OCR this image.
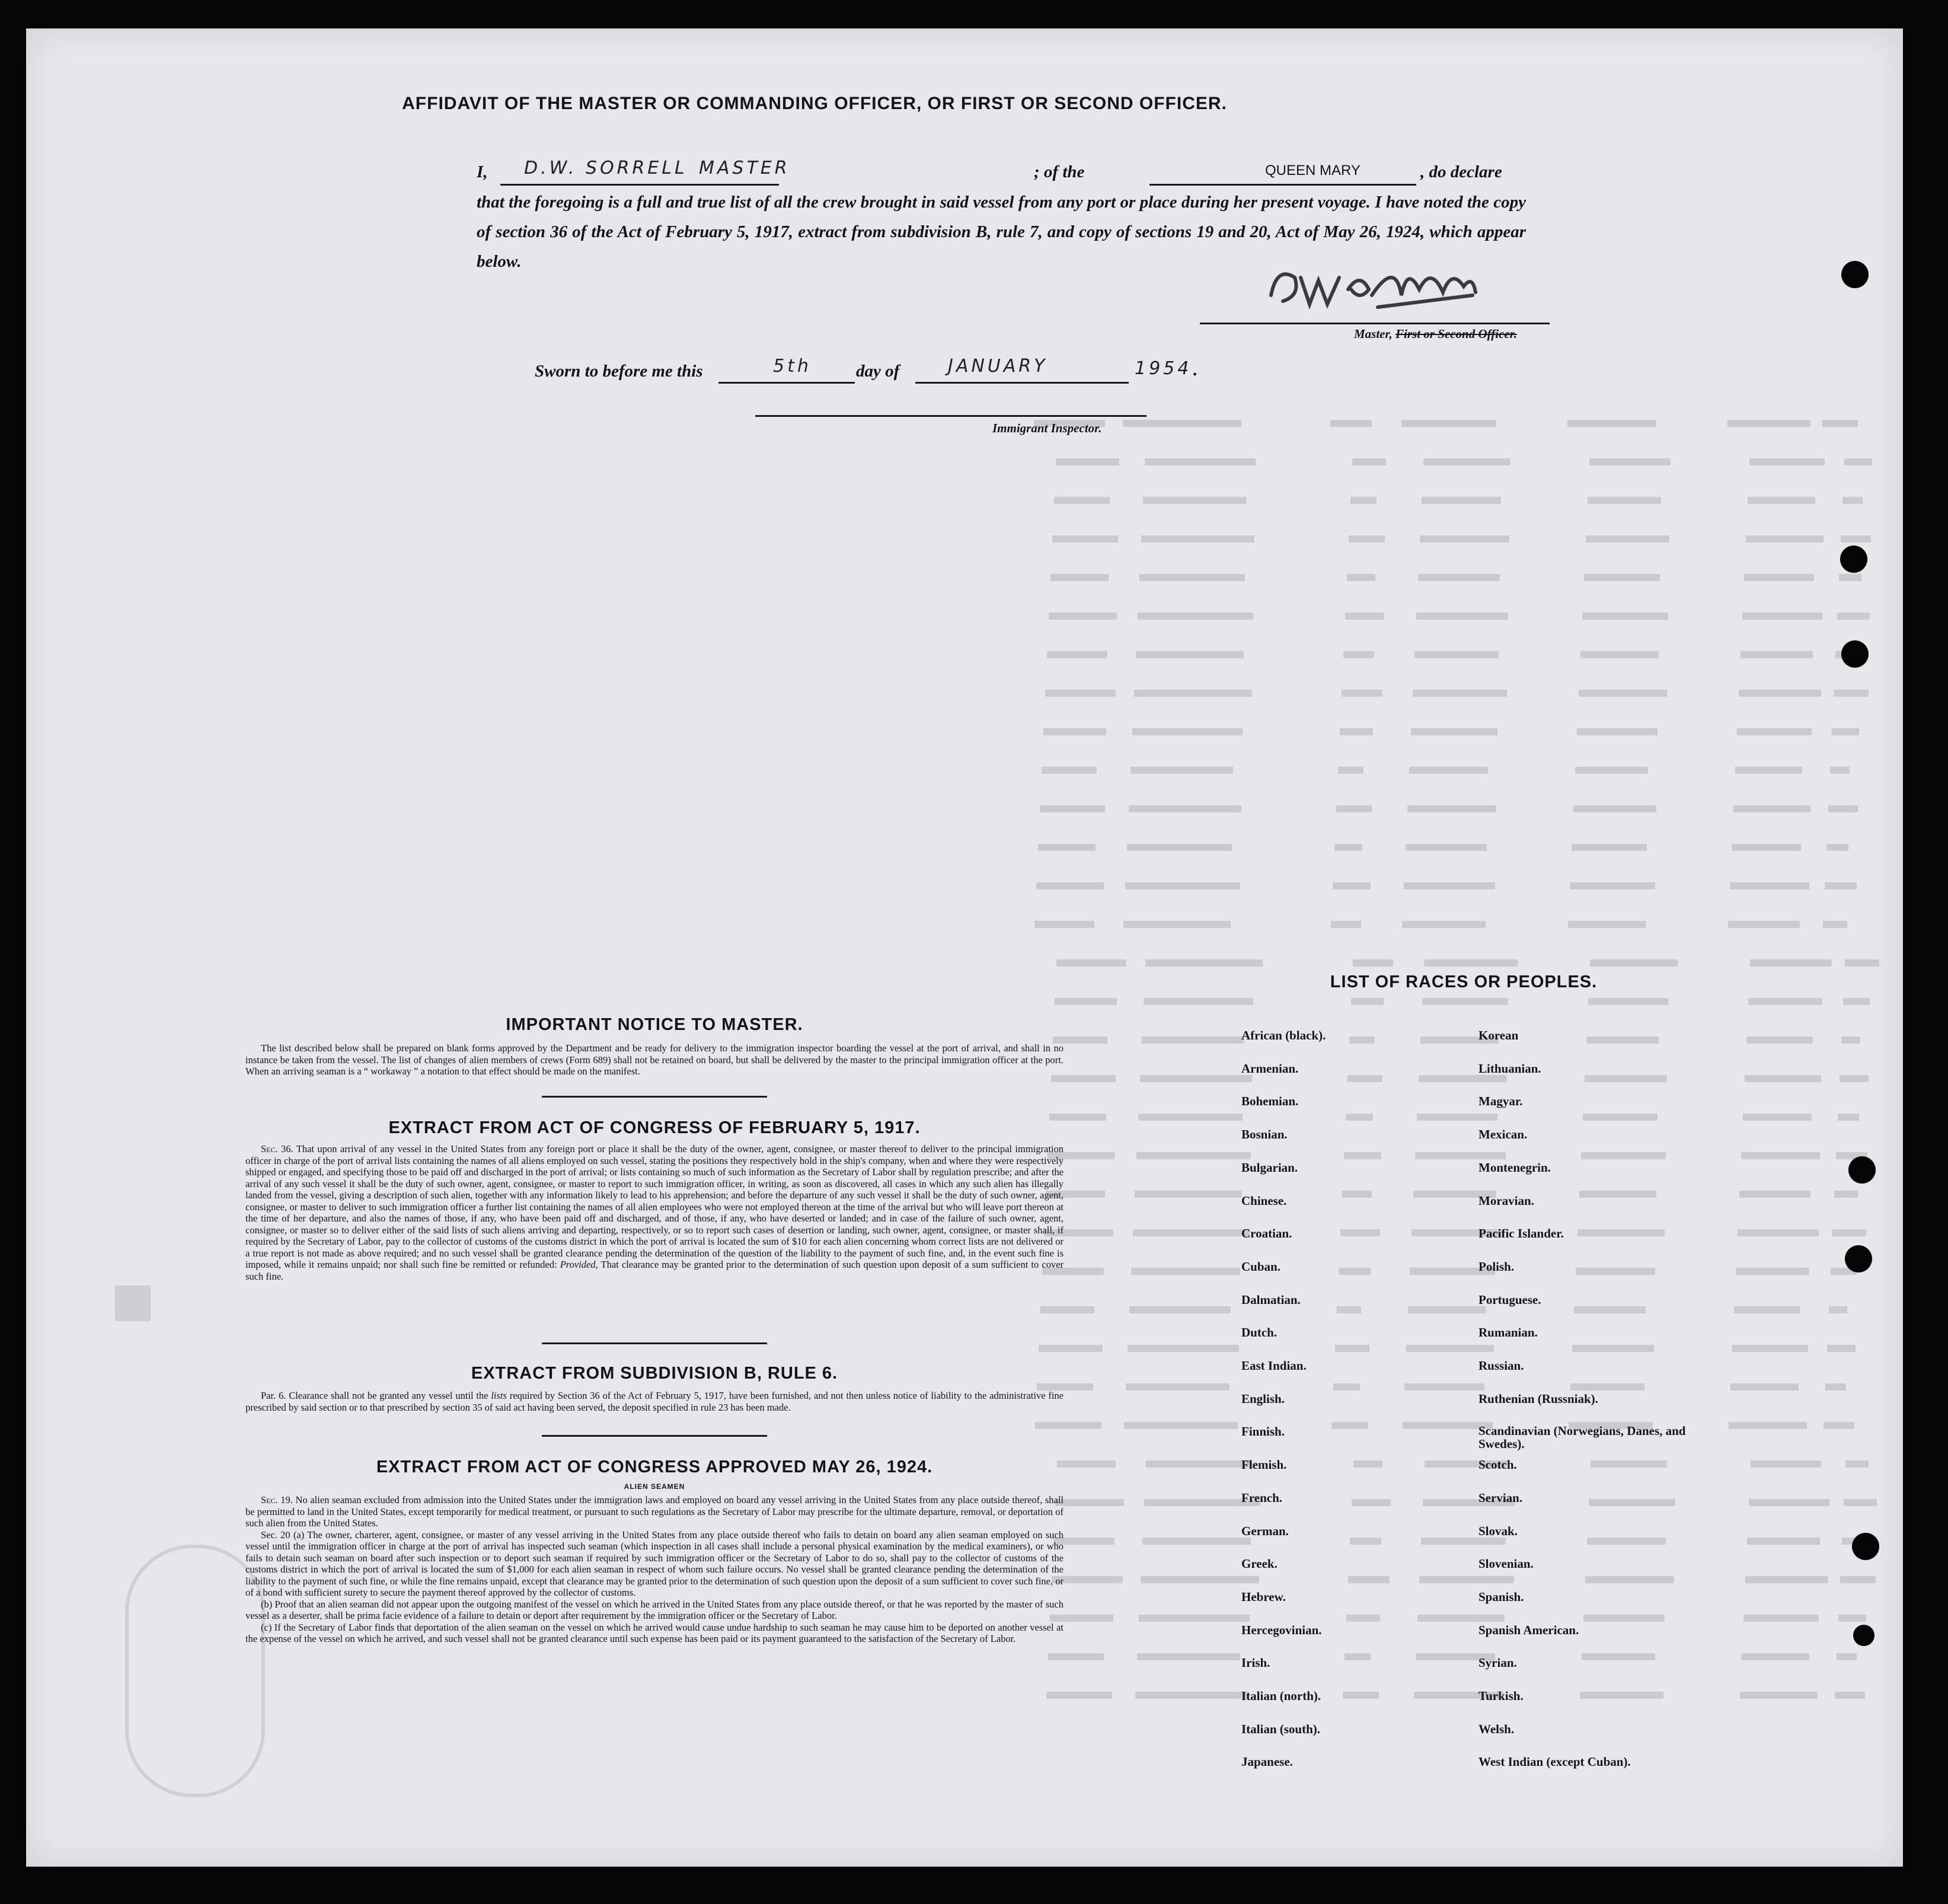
AFFIDAVIT OF THE MASTER OR COMMANDING OFFICER, OR FIRST OR SECOND OFFICER.
I, D.W. SORRELL MASTER	; of the	QUEEN MARY	, do declare

that the foregoing is a full and true list of all the crew brought in said vessel from any port or place during her present voyage. I have noted the copy of section 36 of the Act of February 5, 1917, extract from subdivision B, rule 7, and copy of sections 19 and 20, Act of May 26, 1924, which appear below.

Master, First or Second Officer.
Sworn to before me this	5th	day of	JANUARY	1954 .
Immigrant Inspector.
IMPORTANT NOTICE TO MASTER.

The list described below shall be prepared on blank forms approved by the Department and be ready for delivery to the immigration inspector boarding the vessel at the port of arrival, and shall in no instance be taken from the vessel. The list of changes of alien members of crews (Form 689) shall not be retained on board, but shall be delivered by the master to the principal immigration officer at the port. When an arriving seaman is a “ workaway ” a notation to that effect should be made on the manifest.

EXTRACT FROM ACT OF CONGRESS OF FEBRUARY 5, 1917.

Sec. 36. That upon arrival of any vessel in the United States from any foreign port or place it shall be the duty of the owner, agent, consignee, or master thereof to deliver to the principal immigration officer in charge of the port of arrival lists containing the names of all aliens employed on such vessel, stating the positions they respectively hold in the ship's company, when and where they were respectively shipped or engaged, and specifying those to be paid off and discharged in the port of arrival; or lists containing so much of such information as the Secretary of Labor shall by regulation prescribe; and after the arrival of any such vessel it shall be the duty of such owner, agent, consignee, or master to report to such immigration officer, in writing, as soon as discovered, all cases in which any such alien has illegally landed from the vessel, giving a description of such alien, together with any information likely to lead to his apprehension; and before the departure of any such vessel it shall be the duty of such owner, agent, consignee, or master to deliver to such immigration officer a further list containing the names of all alien employees who were not employed thereon at the time of the arrival but who will leave port thereon at the time of her departure, and also the names of those, if any, who have been paid off and discharged, and of those, if any, who have deserted or landed; and in case of the failure of such owner, agent, consignee, or master so to deliver either of the said lists of such aliens arriving and departing, respectively, or so to report such cases of desertion or landing, such owner, agent, consignee, or master shall, if required by the Secretary of Labor, pay to the collector of customs of the customs district in which the port of arrival is located the sum of $10 for each alien concerning whom correct lists are not delivered or a true report is not made as above required; and no such vessel shall be granted clearance pending the determination of the question of the liability to the payment of such fine, and, in the event such fine is imposed, while it remains unpaid; nor shall such fine be remitted or refunded: Provided, That clearance may be granted prior to the determination of such question upon deposit of a sum sufficient to cover such fine.

EXTRACT FROM SUBDIVISION B, RULE 6.

Par. 6. Clearance shall not be granted any vessel until the lists required by Section 36 of the Act of February 5, 1917, have been furnished, and not then unless notice of liability to the administrative fine prescribed by said section or to that prescribed by section 35 of said act having been served, the deposit specified in rule 23 has been made.

EXTRACT FROM ACT OF CONGRESS APPROVED MAY 26, 1924.
ALIEN SEAMEN

Sec. 19. No alien seaman excluded from admission into the United States under the immigration laws and employed on board any vessel arriving in the United States from any place outside thereof, shall be permitted to land in the United States, except temporarily for medical treatment, or pursuant to such regulations as the Secretary of Labor may prescribe for the ultimate departure, removal, or deportation of such alien from the United States.

Sec. 20 (a) The owner, charterer, agent, consignee, or master of any vessel arriving in the United States from any place outside thereof who fails to detain on board any alien seaman employed on such vessel until the immigration officer in charge at the port of arrival has inspected such seaman (which inspection in all cases shall include a personal physical examination by the medical examiners), or who fails to detain such seaman on board after such inspection or to deport such seaman if required by such immigration officer or the Secretary of Labor to do so, shall pay to the collector of customs of the customs district in which the port of arrival is located the sum of $1,000 for each alien seaman in respect of whom such failure occurs. No vessel shall be granted clearance pending the determination of the liability to the payment of such fine, or while the fine remains unpaid, except that clearance may be granted prior to the determination of such question upon the deposit of a sum sufficient to cover such fine, or of a bond with sufficient surety to secure the payment thereof approved by the collector of customs.

(b) Proof that an alien seaman did not appear upon the outgoing manifest of the vessel on which he arrived in the United States from any place outside thereof, or that he was reported by the master of such vessel as a deserter, shall be prima facie evidence of a failure to detain or deport after requirement by the immigration officer or the Secretary of Labor.

(c) If the Secretary of Labor finds that deportation of the alien seaman on the vessel on which he arrived would cause undue hardship to such seaman he may cause him to be deported on another vessel at the expense of the vessel on which he arrived, and such vessel shall not be granted clearance until such expense has been paid or its payment guaranteed to the satisfaction of the Secretary of Labor.

LIST OF RACES OR PEOPLES.
African (black).
Armenian.
Bohemian.
Bosnian.
Bulgarian.
Chinese.
Croatian.
Cuban.
Dalmatian.
Dutch.
East Indian.
English.
Finnish.
Flemish.
French.
German.
Greek.
Hebrew.
Hercegovinian.
Irish.
Italian (north).
Italian (south).
Japanese.
Korean
Lithuanian.
Magyar.
Mexican.
Montenegrin.
Moravian.
Pacific Islander.
Polish.
Portuguese.
Rumanian.
Russian.
Ruthenian (Russniak).
Scandinavian (Norwegians, Danes, and Swedes).
Scotch.
Servian.
Slovak.
Slovenian.
Spanish.
Spanish American.
Syrian.
Turkish.
Welsh.
West Indian (except Cuban).
